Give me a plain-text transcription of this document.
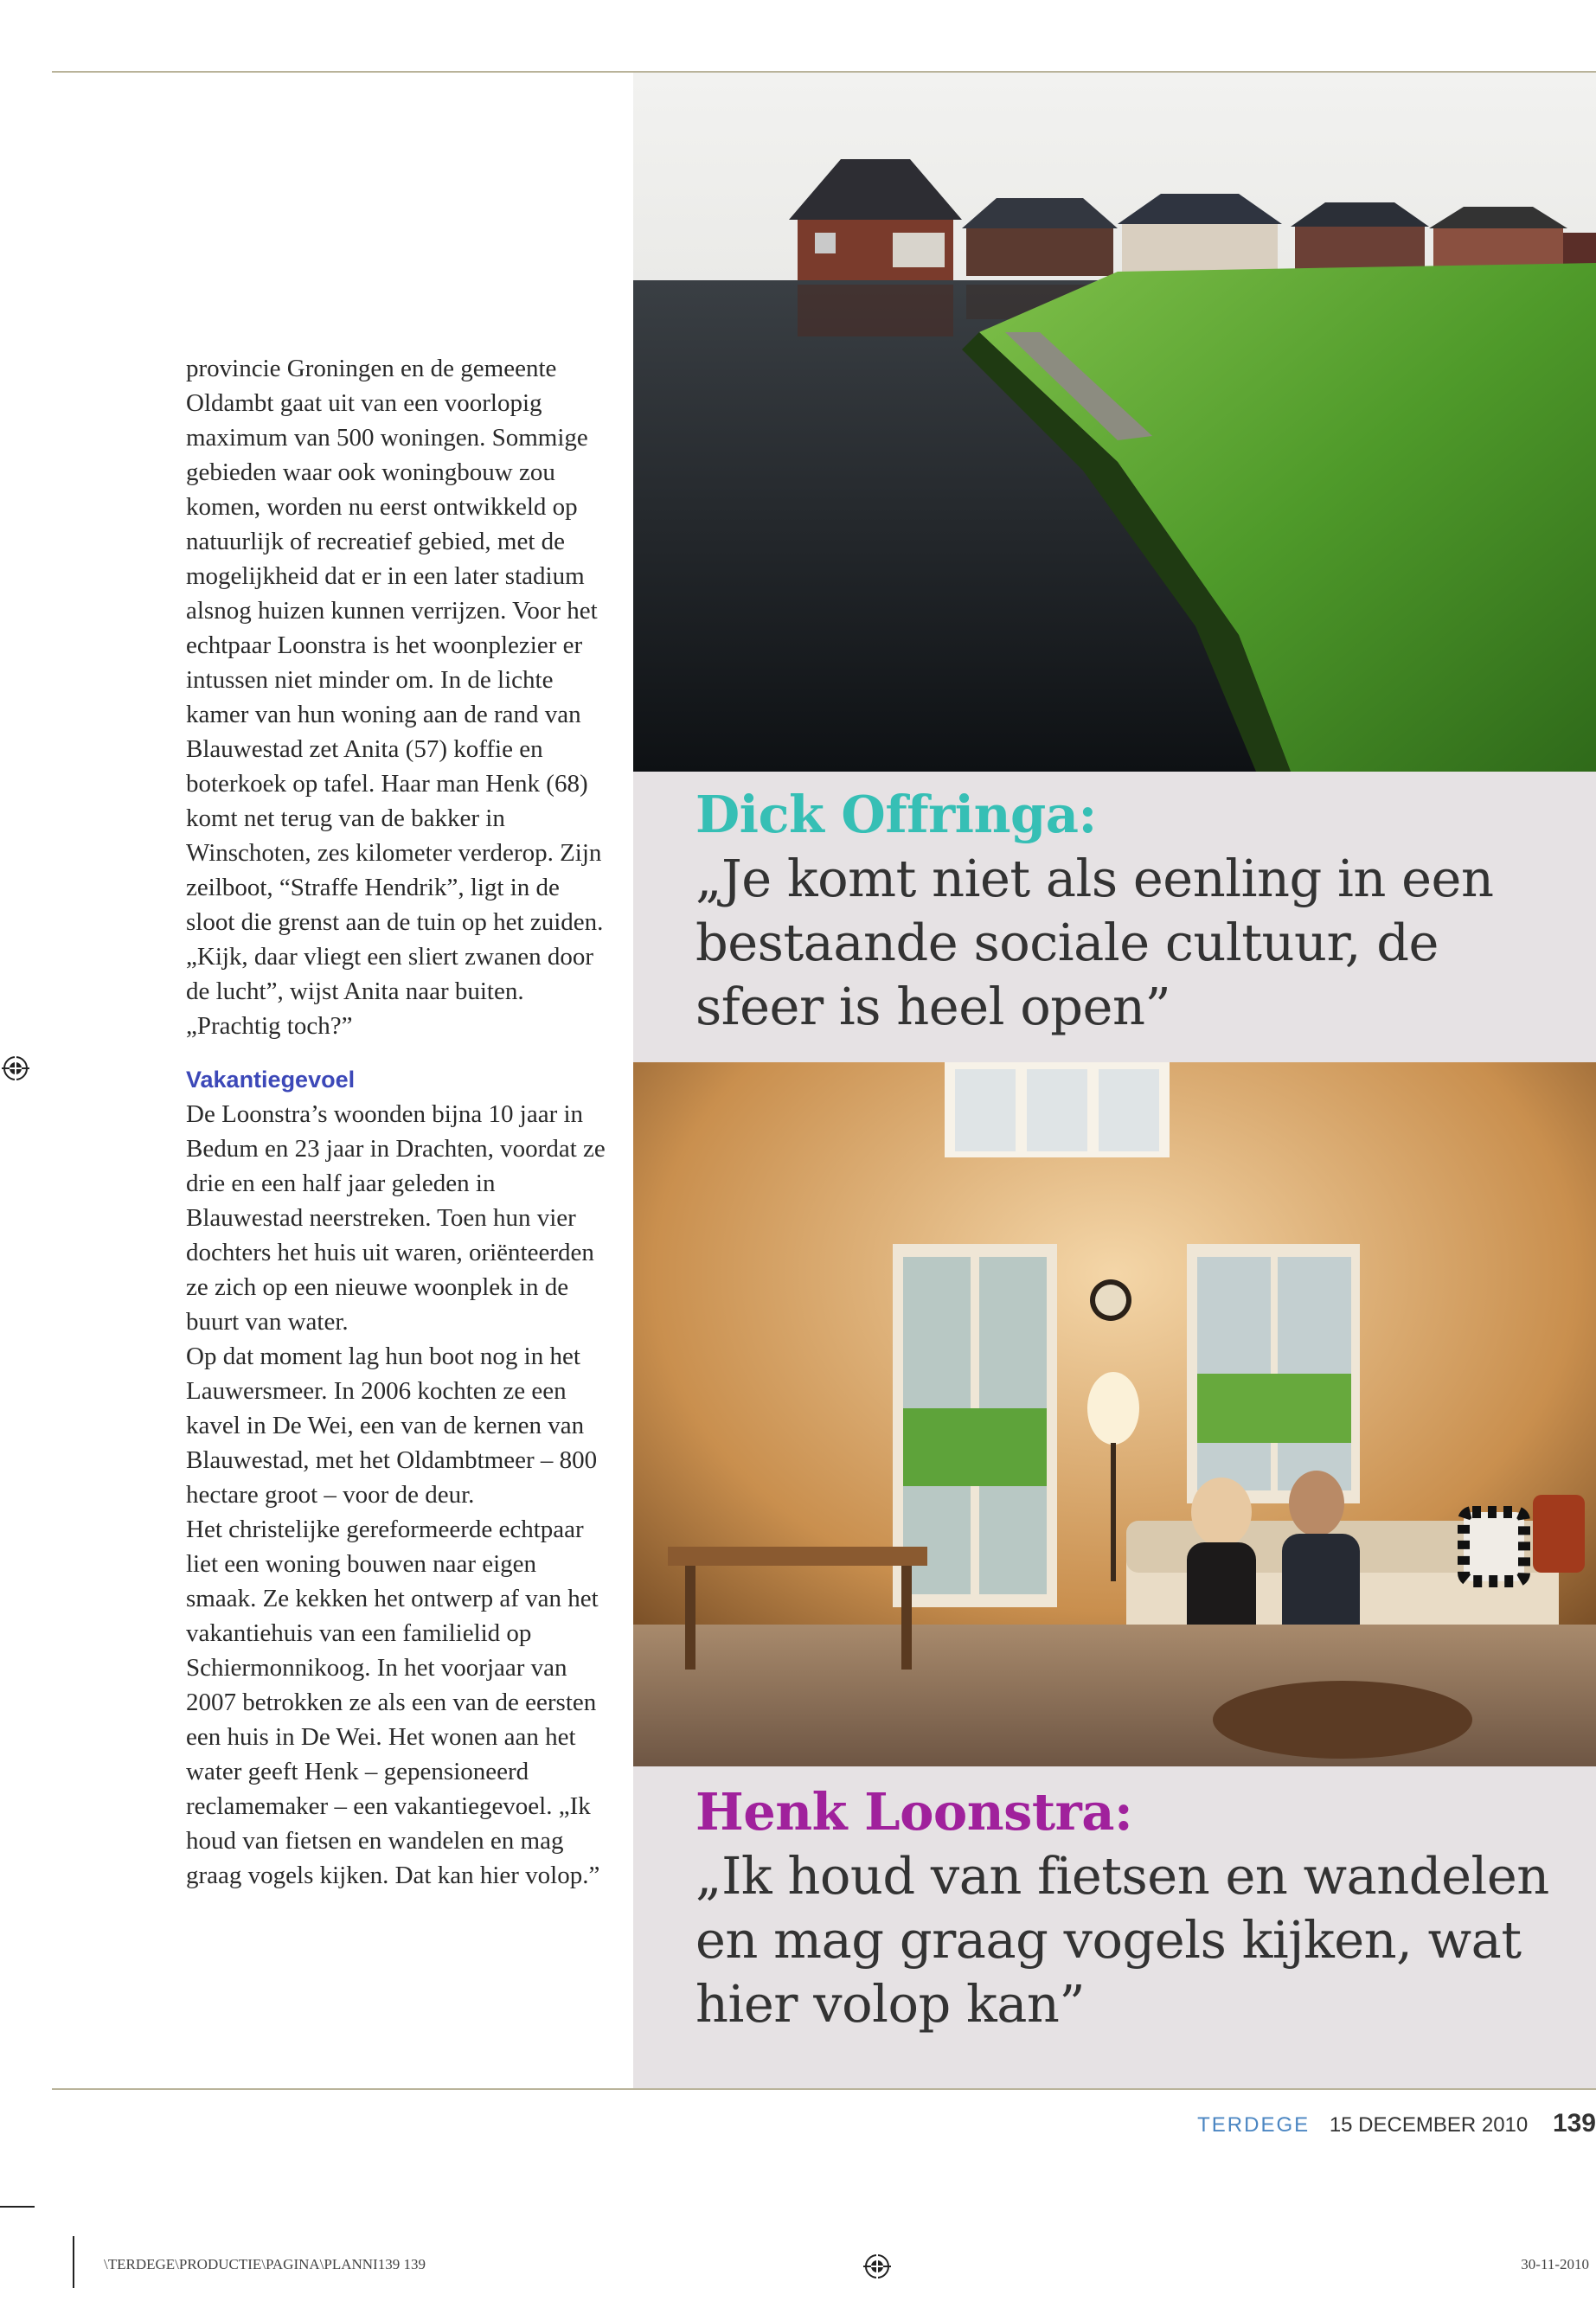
Dick Offringa:
„Je komt niet als eenling in een bestaande sociale cultuur, de sfeer is heel open”
Henk Loonstra:
„Ik houd van fietsen en wandelen en mag graag vogels kijken, wat hier volop kan”

provincie Groningen en de gemeente Oldambt gaat uit van een voorlopig maximum van 500 woningen. Sommige gebieden waar ook woningbouw zou komen, worden nu eerst ontwikkeld op natuurlijk of recreatief gebied, met de mogelijkheid dat er in een later stadium alsnog huizen kunnen verrijzen. Voor het echtpaar Loonstra is het woonplezier er intussen niet minder om. In de lichte kamer van hun woning aan de rand van Blauwestad zet Anita (57) koffie en boterkoek op tafel. Haar man Henk (68) komt net terug van de bakker in Winschoten, zes kilometer verderop. Zijn zeilboot, “Straffe Hendrik”, ligt in de sloot die grenst aan de tuin op het zuiden. „Kijk, daar vliegt een sliert zwanen door de lucht”, wijst Anita naar buiten. „Prachtig toch?”

Vakantiegevoel

De Loonstra’s woonden bijna 10 jaar in Bedum en 23 jaar in Drachten, voordat ze drie en een half jaar geleden in Blauwestad neerstreken. Toen hun vier dochters het huis uit waren, oriënteerden ze zich op een nieuwe woonplek in de buurt van water.

Op dat moment lag hun boot nog in het Lauwersmeer. In 2006 kochten ze een kavel in De Wei, een van de kernen van Blauwestad, met het Oldambtmeer – 800 hectare groot – voor de deur.

Het christelijke gereformeerde echtpaar liet een woning bouwen naar eigen smaak. Ze kekken het ontwerp af van het vakantiehuis van een familielid op Schiermonnikoog. In het voorjaar van 2007 betrokken ze als een van de eersten een huis in De Wei. Het wonen aan het water geeft Henk – gepensioneerd reclamemaker – een vakantiegevoel. „Ik houd van fietsen en wandelen en mag graag vogels kijken. Dat kan hier volop.”

TERDEGE 15 DECEMBER 2010 139
\TERDEGE\PRODUCTIE\PAGINA\PLANNI139 139	30-11-2010
